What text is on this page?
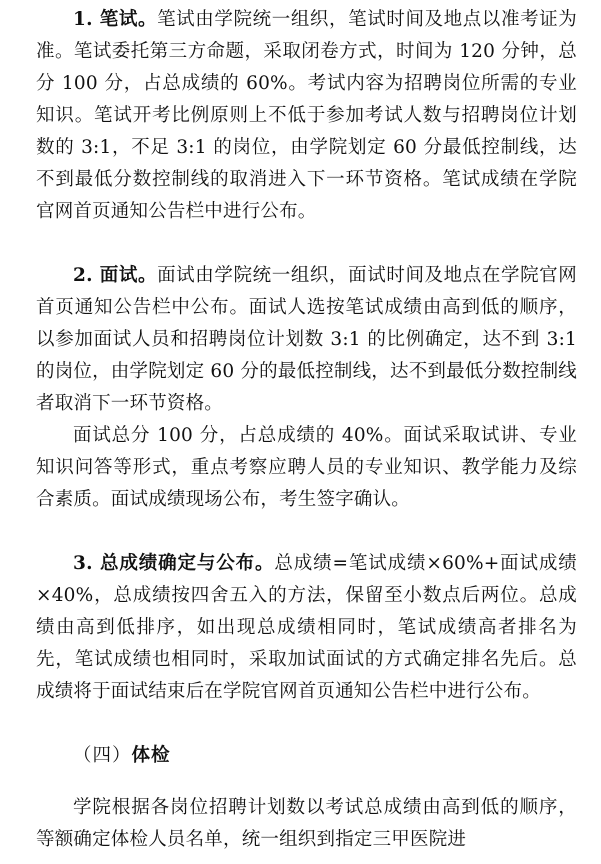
1. 笔试。笔试由学院统一组织，笔试时间及地点以准考证为准。笔试委托第三方命题，采取闭卷方式，时间为 120 分钟，总分 100 分，占总成绩的 60%。考试内容为招聘岗位所需的专业知识。笔试开考比例原则上不低于参加考试人数与招聘岗位计划数的 3:1，不足 3:1 的岗位，由学院划定 60 分最低控制线，达不到最低分数控制线的取消进入下一环节资格。笔试成绩在学院官网首页通知公告栏中进行公布。

2. 面试。面试由学院统一组织，面试时间及地点在学院官网首页通知公告栏中公布。面试人选按笔试成绩由高到低的顺序，以参加面试人员和招聘岗位计划数 3:1 的比例确定，达不到 3:1 的岗位，由学院划定 60 分的最低控制线，达不到最低分数控制线者取消下一环节资格。

面试总分 100 分，占总成绩的 40%。面试采取试讲、专业知识问答等形式，重点考察应聘人员的专业知识、教学能力及综合素质。面试成绩现场公布，考生签字确认。

3. 总成绩确定与公布。总成绩=笔试成绩×60%+面试成绩×40%，总成绩按四舍五入的方法，保留至小数点后两位。总成绩由高到低排序，如出现总成绩相同时，笔试成绩高者排名为先，笔试成绩也相同时，采取加试面试的方式确定排名先后。总成绩将于面试结束后在学院官网首页通知公告栏中进行公布。

（四）体检

学院根据各岗位招聘计划数以考试总成绩由高到低的顺序，等额确定体检人员名单，统一组织到指定三甲医院进
